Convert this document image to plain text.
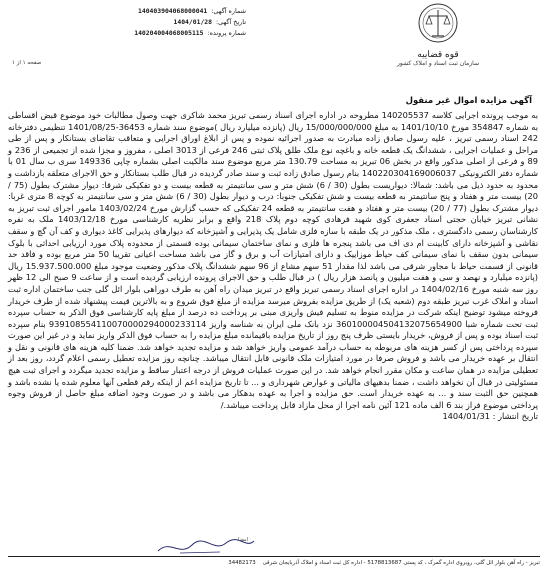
شماره آگهی:
140403904068000041
تاریخ آگهی:
1404/01/28
شماره پرونده:
140204004068005115
صفحه ۱ از ۱
قوه قضاییه
سازمان ثبت اسناد و املاک کشور
آگهی مزایده اموال غیر منقول

به موجب پرونده اجرایی کلاسه 140205537 مطروحه در اداره اجرای اسناد رسمی تبریز محمد شاکری جهت وصول مطالبات خود موضوع قبض اقساطی به شماره 354847 مورخ 1401/10/10 به مبلغ 15/000/000/000 ریال (پانزده میلیارد ریال )موضوع سند شماره 36453-1401/08/25 تنظیمی دفترخانه 242 اسناد رسمی تبریز ، علیه رسول صادق زاده مبادرت به صدور اجرائیه نموده و پس از ابلاغ اوراق اجرایی و متعاقب تقاضای بستانکار و پس از طی مراحل و عملیات اجرایی ، ششدانگ یک قطعه خانه و باغچه نوع ملک طلق پلاک ثبتی 246 فرعی از 3013 اصلی ، مفروز و مجزا شده از تجمیعی از 236 و 89 و فرعی از اصلی مذکور واقع در بخش 06 تبریز به مساحت 130.79 متر مربع موضوع سند مالکیت اصلی بشماره چاپی 149336 سری ب سال 01 با شماره دفتر الکترونیکی 140220304169006037 بنام رسول صادق زاده ثبت و سند صادر گردیده در قبال طلب بستانکار و حق الاجرای متعلقه بازداشت و محدود به حدود ذیل می باشد: شمالا: دیواریست بطول (30 / 6) شش متر و سی سانتیمتر به قطعه بیست و دو تفکیکی شرقا: دیوار مشترک بطول (75 / 20) بیست متر و هفتاد و پنج سانتیمتر به قطعه بیست و شش تفکیکی جنوبا: درب و دیوار بطول (30 / 6) شش متر و سی سانتیمتر به کوچه 8 متری غربا: دیوار مشترک بطول (77 / 20) بیست متر و هفتاد و هفت سانتیمتر به قطعه 24 تفکیکی که حسب گزارش مورخ 1403/02/24 مامور اجرای ثبت تبریز به نشانی تبریز خیابان حجتی اسناد جعفری کوی شهید فرهادی کوچه دوم پلاک 218 واقع و برابر نظریه کارشناسی مورخ 1403/12/18 ملک به نفره کارشناسان رسمی دادگستری ، ملک مذکور در یک طبقه با سازه فلزی شامل یک پذیرایی و آشپزخانه که دیوارهای پذیرایی کاغذ دیواری و کف آن گچ و سقف نقاشی و آشپزخانه دارای کابینت ام دی اف می باشد پنجره ها فلزی و نمای ساختمان سیمانی بوده قسمتی از محدوده پلاک مورد ارزیابی احداثی با بلوک سیمانی بدون سقف با نمای سیمانی کف حیاط موزاییک و دارای امتیازات آب و برق و گاز می باشد مساحت اعیانی تقریبا 50 متر مربع بوده و فاقد حد قانونی از قسمت حیاط با مجاور شرقی می باشد لذا مقدار 51 سهم مشاع از 96 سهم ششدانگ پلاک مذکور وضعیت موجود مبلغ 15.937.500.000 ریال (پانزده میلیارد و نهصد و سی و هفت میلیون و پانصد هزار ریال ) در قبال طلب و حق الاجرای پرونده ارزیابی گردیده است و از ساعت 9 صبح الی 12 ظهر روز سه شنبه مورخ 1404/02/16 در اداره اجرای اسناد رسمی تبریز واقع در تبریز میدان راه آهن به طرف دوراهی بلوار ائل گلی جنب ساختمان اداره ثبت اسناد و املاک غرب تبریز طبقه دوم (شعبه یک) از طریق مزایده بفروش میرسد مزایده از مبلغ فوق شروع و به بالاترین قیمت پیشنهاد شده از طرف خریدار فروخته میشود توضیح اینکه شرکت در مزایده منوط به تسلیم فیش واریزی مبنی بر پرداخت ده درصد از مبلغ پایه کارشناسی فوق الذکر به حساب سپرده ثبت تحت شماره شبا 360100004504132075654900 نزد بانک ملی ایران به شناسه واریز 939108554110070000294000233114 بنام سپرده ثبت اسناد بوده و پس از فروش، خریدار بایستی ظرف پنج روز از تاریخ مزایده باقیمانده مبلغ مزایده را به حساب فوق الذکر واریز نماید و در غیر این صورت سپرده پرداختی پس از کسر هزینه های مربوطه به حساب درآمد عمومی واریز خواهد شد و مزایده تجدید خواهد شد. ضمنا کلیه هزینه های قانونی و نقل و انتقال بر عهده خریدار می باشد و فروش صرفا در مورد امتیازات ملک قانونی قابل انتقال میباشد. چنانچه روز مزایده تعطیل رسمی اعلام گردد، روز بعد از تعطیلی مزایده در همان ساعت و مکان مقرر انجام خواهد شد. در این صورت عملیات فروش از درجه اعتبار ساقط و مزایده تجدید میگردد و اجرای ثبت هیچ مسئولیتی در قبال آن نخواهد داشت ، ضمنا بدهیهای مالیاتی و عوارض شهرداری و ... تا تاریخ مزایده اعم از اینکه رقم قطعی آنها معلوم شده یا نشده باشد و همچنین حق الثبت سند و ... به عهده خریدار است. حق مزایده و اجرا به عهده بدهکار می باشد و در صورت وجود اضافه مبلغ حاصل از فروش وجوه پرداختی موضوع فراز بند 6 الف ماده 121 آئین نامه اجرا از محل مازاد قابل پرداخت میباشد./

تاریخ انتشار : 1404/01/31

امضا
تبریز - راه آهن بلوار ائل گلی، روبروی اداره گمرک ، کد پستی 5178813687 - اداره کل ثبت اسناد و املاک آذربایجان شرقی    34482173
